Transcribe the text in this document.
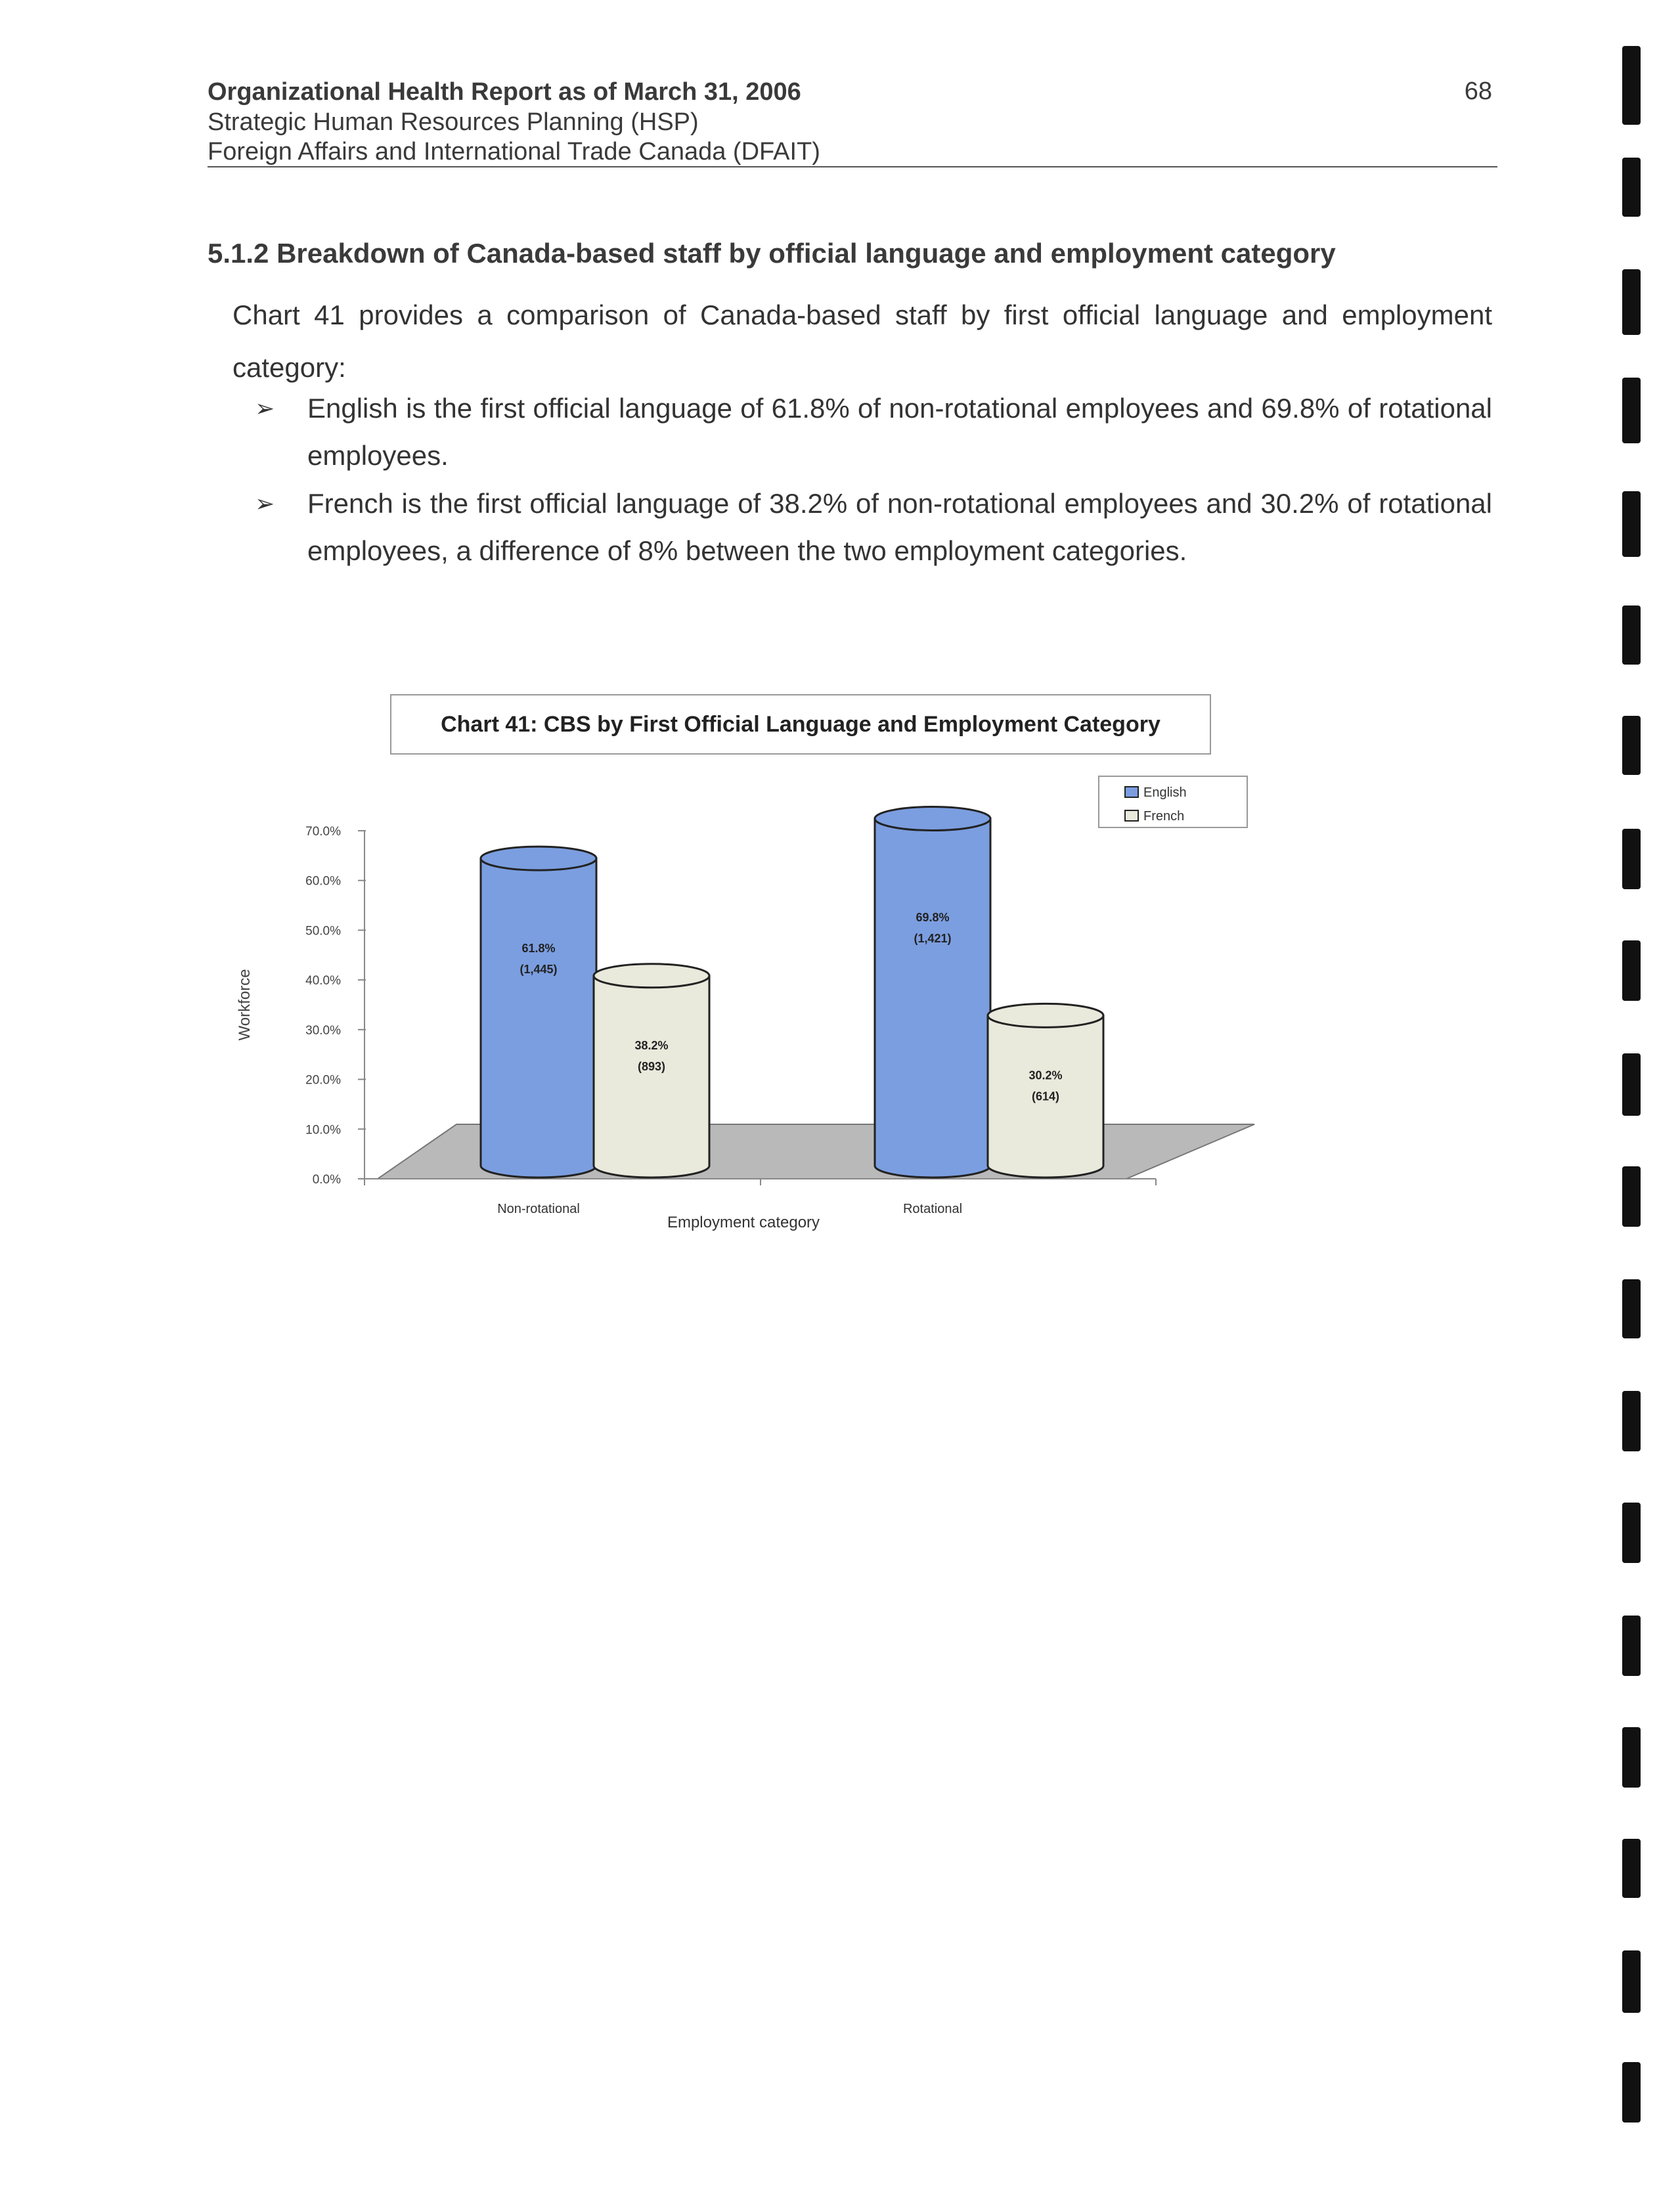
Organizational Health Report as of March 31, 2006
Strategic Human Resources Planning (HSP)
Foreign Affairs and International Trade Canada (DFAIT)
68
5.1.2 Breakdown of Canada-based staff by official language and employment category
Chart 41 provides a comparison of Canada-based staff by first official language and employment category:
➢ English is the first official language of 61.8% of non-rotational employees and 69.8% of rotational employees.
➢ French is the first official language of 38.2% of non-rotational employees and 30.2% of rotational employees, a difference of 8% between the two employment categories.
Chart 41: CBS by First Official Language and Employment Category
0.0%
10.0%
20.0%
30.0%
40.0%
50.0%
60.0%
70.0%
Workforce
61.8%
(1,445)
38.2%
(893)
Non-rotational
69.8%
(1,421)
30.2%
(614)
Rotational
Employment category
English
French
